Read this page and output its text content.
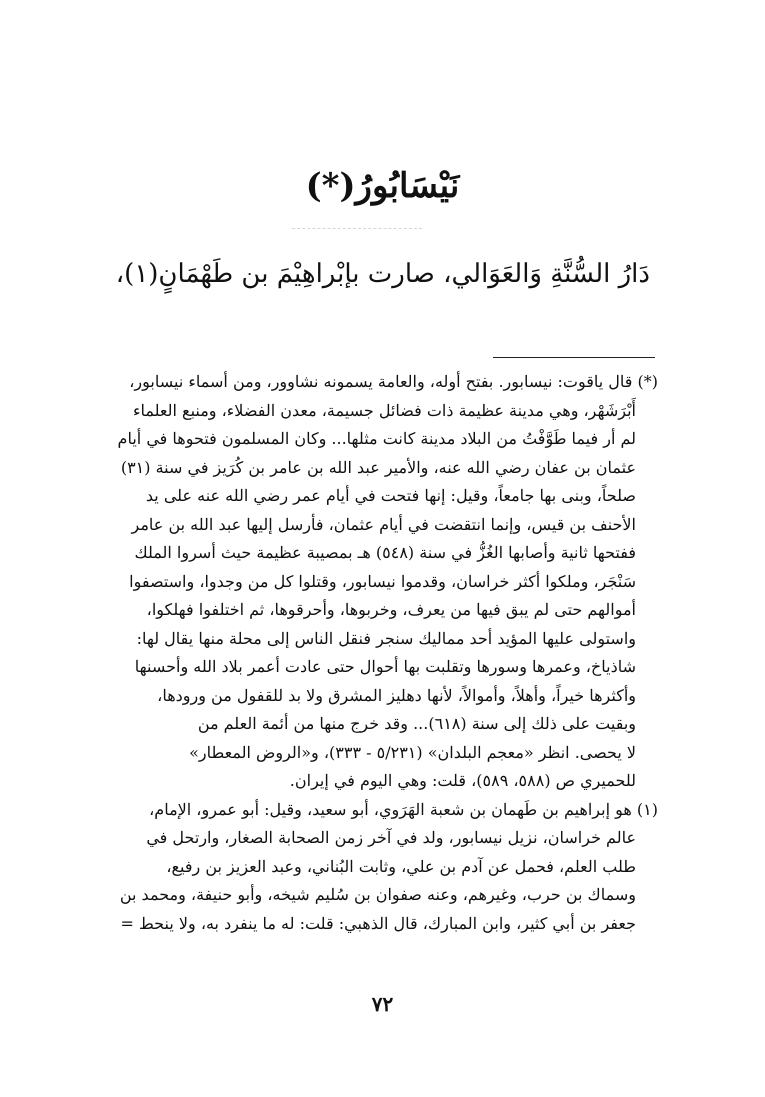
نَيْسَابُورُ(*)
دَارُ السُّنَّةِ وَالعَوَالي، صارت بإبْراهِيْمَ بن طَهْمَانٍ(١)،
(*) قال ياقوت: نيسابور. بفتح أوله، والعامة يسمونه نشاوور، ومن أسماء نيسابور،
أَبْرَشَهْر، وهي مدينة عظيمة ذات فضائل جسيمة، معدن الفضلاء، ومنبع العلماء
لم أر فيما طَوَّفْتُ من البلاد مدينة كانت مثلها... وكان المسلمون فتحوها في أيام
عثمان بن عفان رضي الله عنه، والأمير عبد الله بن عامر بن كُرَيز في سنة (٣١)
صلحاً، وبنى بها جامعاً، وقيل: إنها فتحت في أيام عمر رضي الله عنه على يد
الأحنف بن قيس، وإنما انتقضت في أيام عثمان، فأرسل إليها عبد الله بن عامر
ففتحها ثانية وأصابها الغُزُّ في سنة (٥٤٨) هـ بمصيبة عظيمة حيث أسروا الملك
سَنْجَر، وملكوا أكثر خراسان، وقدموا نيسابور، وقتلوا كل من وجدوا، واستصفوا
أموالهم حتى لم يبق فيها من يعرف، وخربوها، وأحرقوها، ثم اختلفوا فهلكوا،
واستولى عليها المؤيد أحد مماليك سنجر فنقل الناس إلى محلة منها يقال لها:
شاذياخ، وعمرها وسورها وتقلبت بها أحوال حتى عادت أعمر بلاد الله وأحسنها
وأكثرها خيراً، وأهلاً، وأموالاً، لأنها دهليز المشرق ولا بد للقفول من ورودها،
وبقيت على ذلك إلى سنة (٦١٨)... وقد خرج منها من أئمة العلم من
لا يحصى. انظر «معجم البلدان» (٥/٢٣١ - ٣٣٣)، و«الروض المعطار»
للحميري ص (٥٨٨، ٥٨٩)، قلت: وهي اليوم في إيران.
(١) هو إبراهيم بن طَهمان بن شعبة الهَرَوي، أبو سعيد، وقيل: أبو عمرو، الإمام،
عالم خراسان، نزيل نيسابور، ولد في آخر زمن الصحابة الصغار، وارتحل في
طلب العلم، فحمل عن آدم بن علي، وثابت البُناني، وعبد العزيز بن رفيع،
وسماك بن حرب، وغيرهم، وعنه صفوان بن سُليم شيخه، وأبو حنيفة، ومحمد بن
جعفر بن أبي كثير، وابن المبارك، قال الذهبي: قلت: له ما ينفرد به، ولا ينحط =
٧٢
